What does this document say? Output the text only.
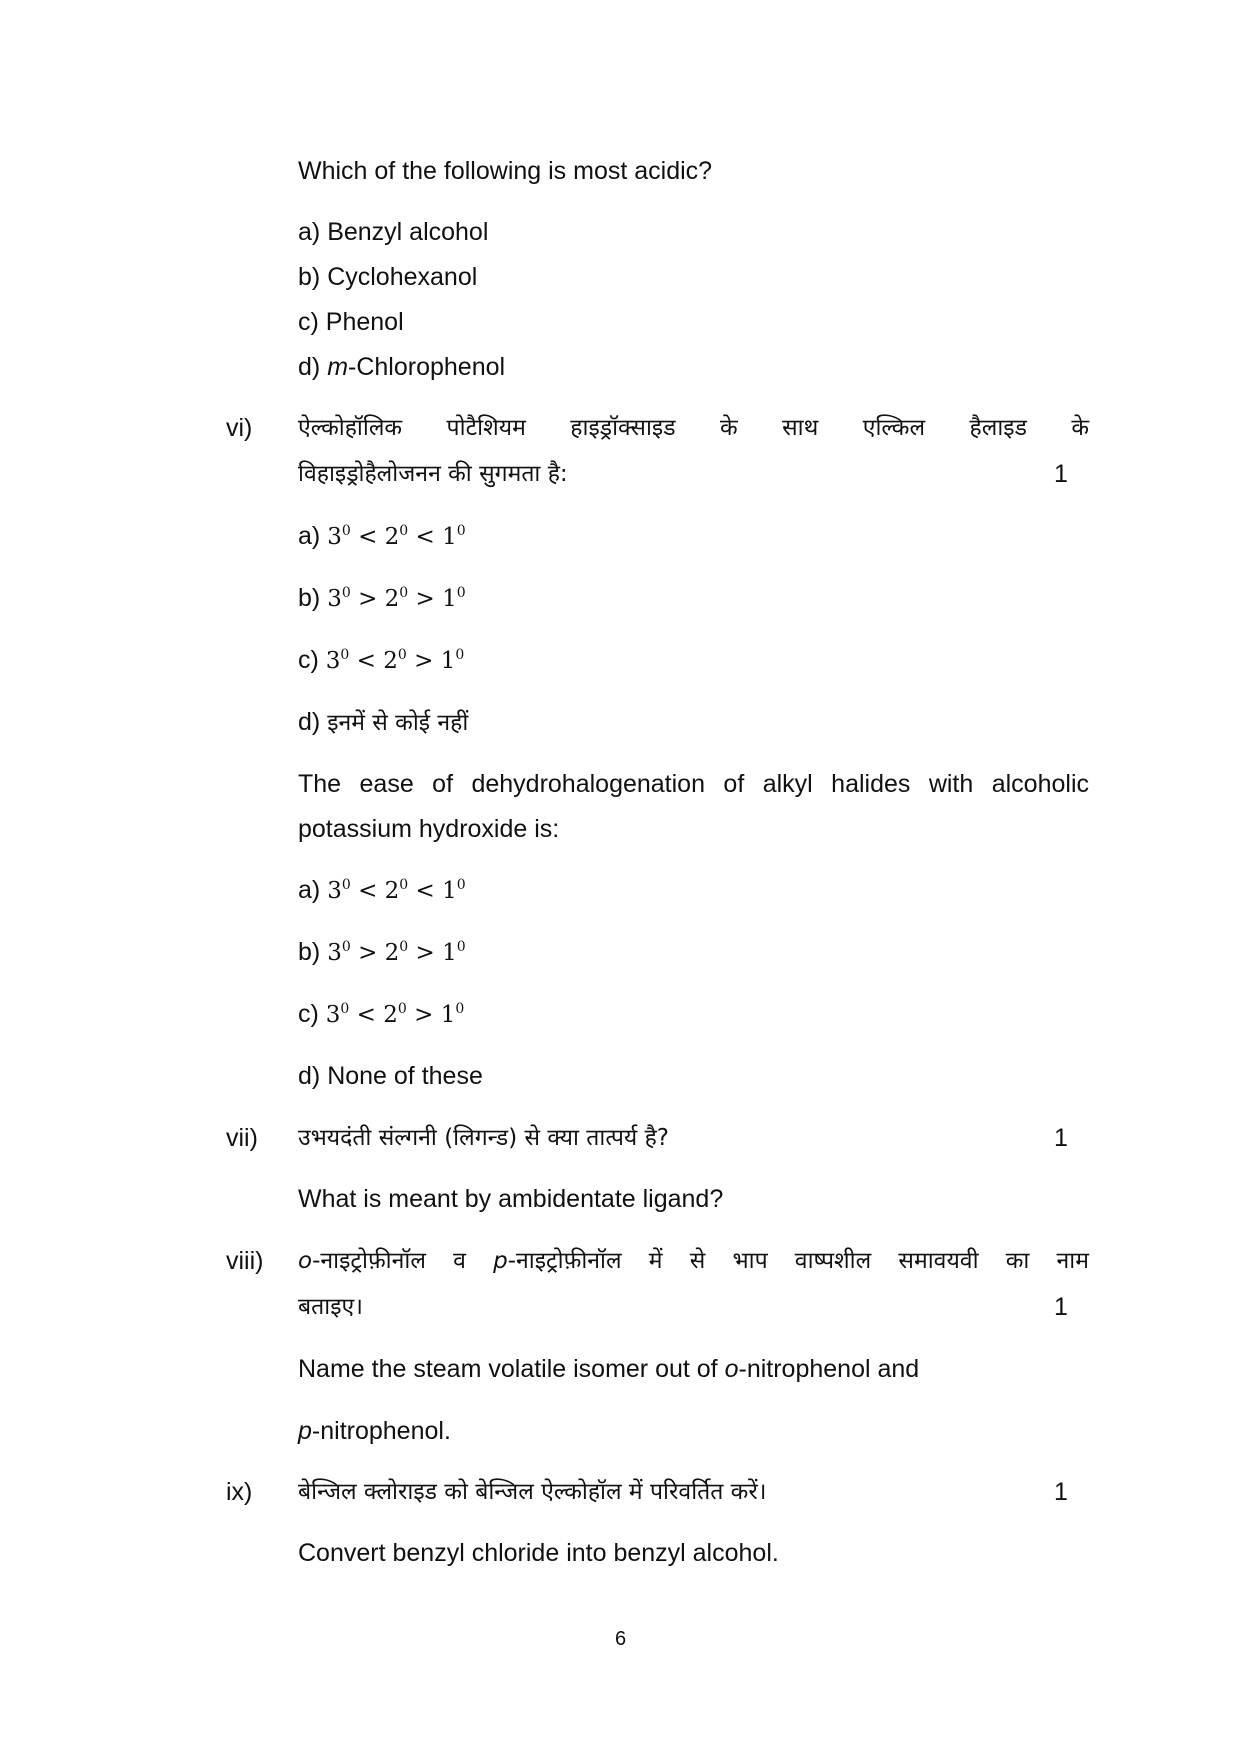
Which of the following is most acidic?
a) Benzyl alcohol
b) Cyclohexanol
c) Phenol
d) m-Chlorophenol
vi) ऐल्कोहॉलिक पोटैशियम हाइड्रॉक्साइड के साथ एल्किल हैलाइड के
विहाइड्रोहैलोजनन की सुगमता है:	1
a) $3^0 < 2^0 < 1^0$
b) $3^0 > 2^0 > 1^0$
c) $3^0 < 2^0 > 1^0$
d) इनमें से कोई नहीं
The ease of dehydrohalogenation of alkyl halides with alcoholic
potassium hydroxide is:
a) $3^0 < 2^0 < 1^0$
b) $3^0 > 2^0 > 1^0$
c) $3^0 < 2^0 > 1^0$
d) None of these
vii) उभयदंती संल्गनी (लिगन्ड) से क्या तात्पर्य है?	1
What is meant by ambidentate ligand?
viii) o-नाइट्रोफ़ीनॉल व p-नाइट्रोफ़ीनॉल में से भाप वाष्पशील समावयवी का नाम
बताइए।	1
Name the steam volatile isomer out of o-nitrophenol and
p-nitrophenol.
ix) बेन्जिल क्लोराइड को बेन्जिल ऐल्कोहॉल में परिवर्तित करें।	1
Convert benzyl chloride into benzyl alcohol.
6
